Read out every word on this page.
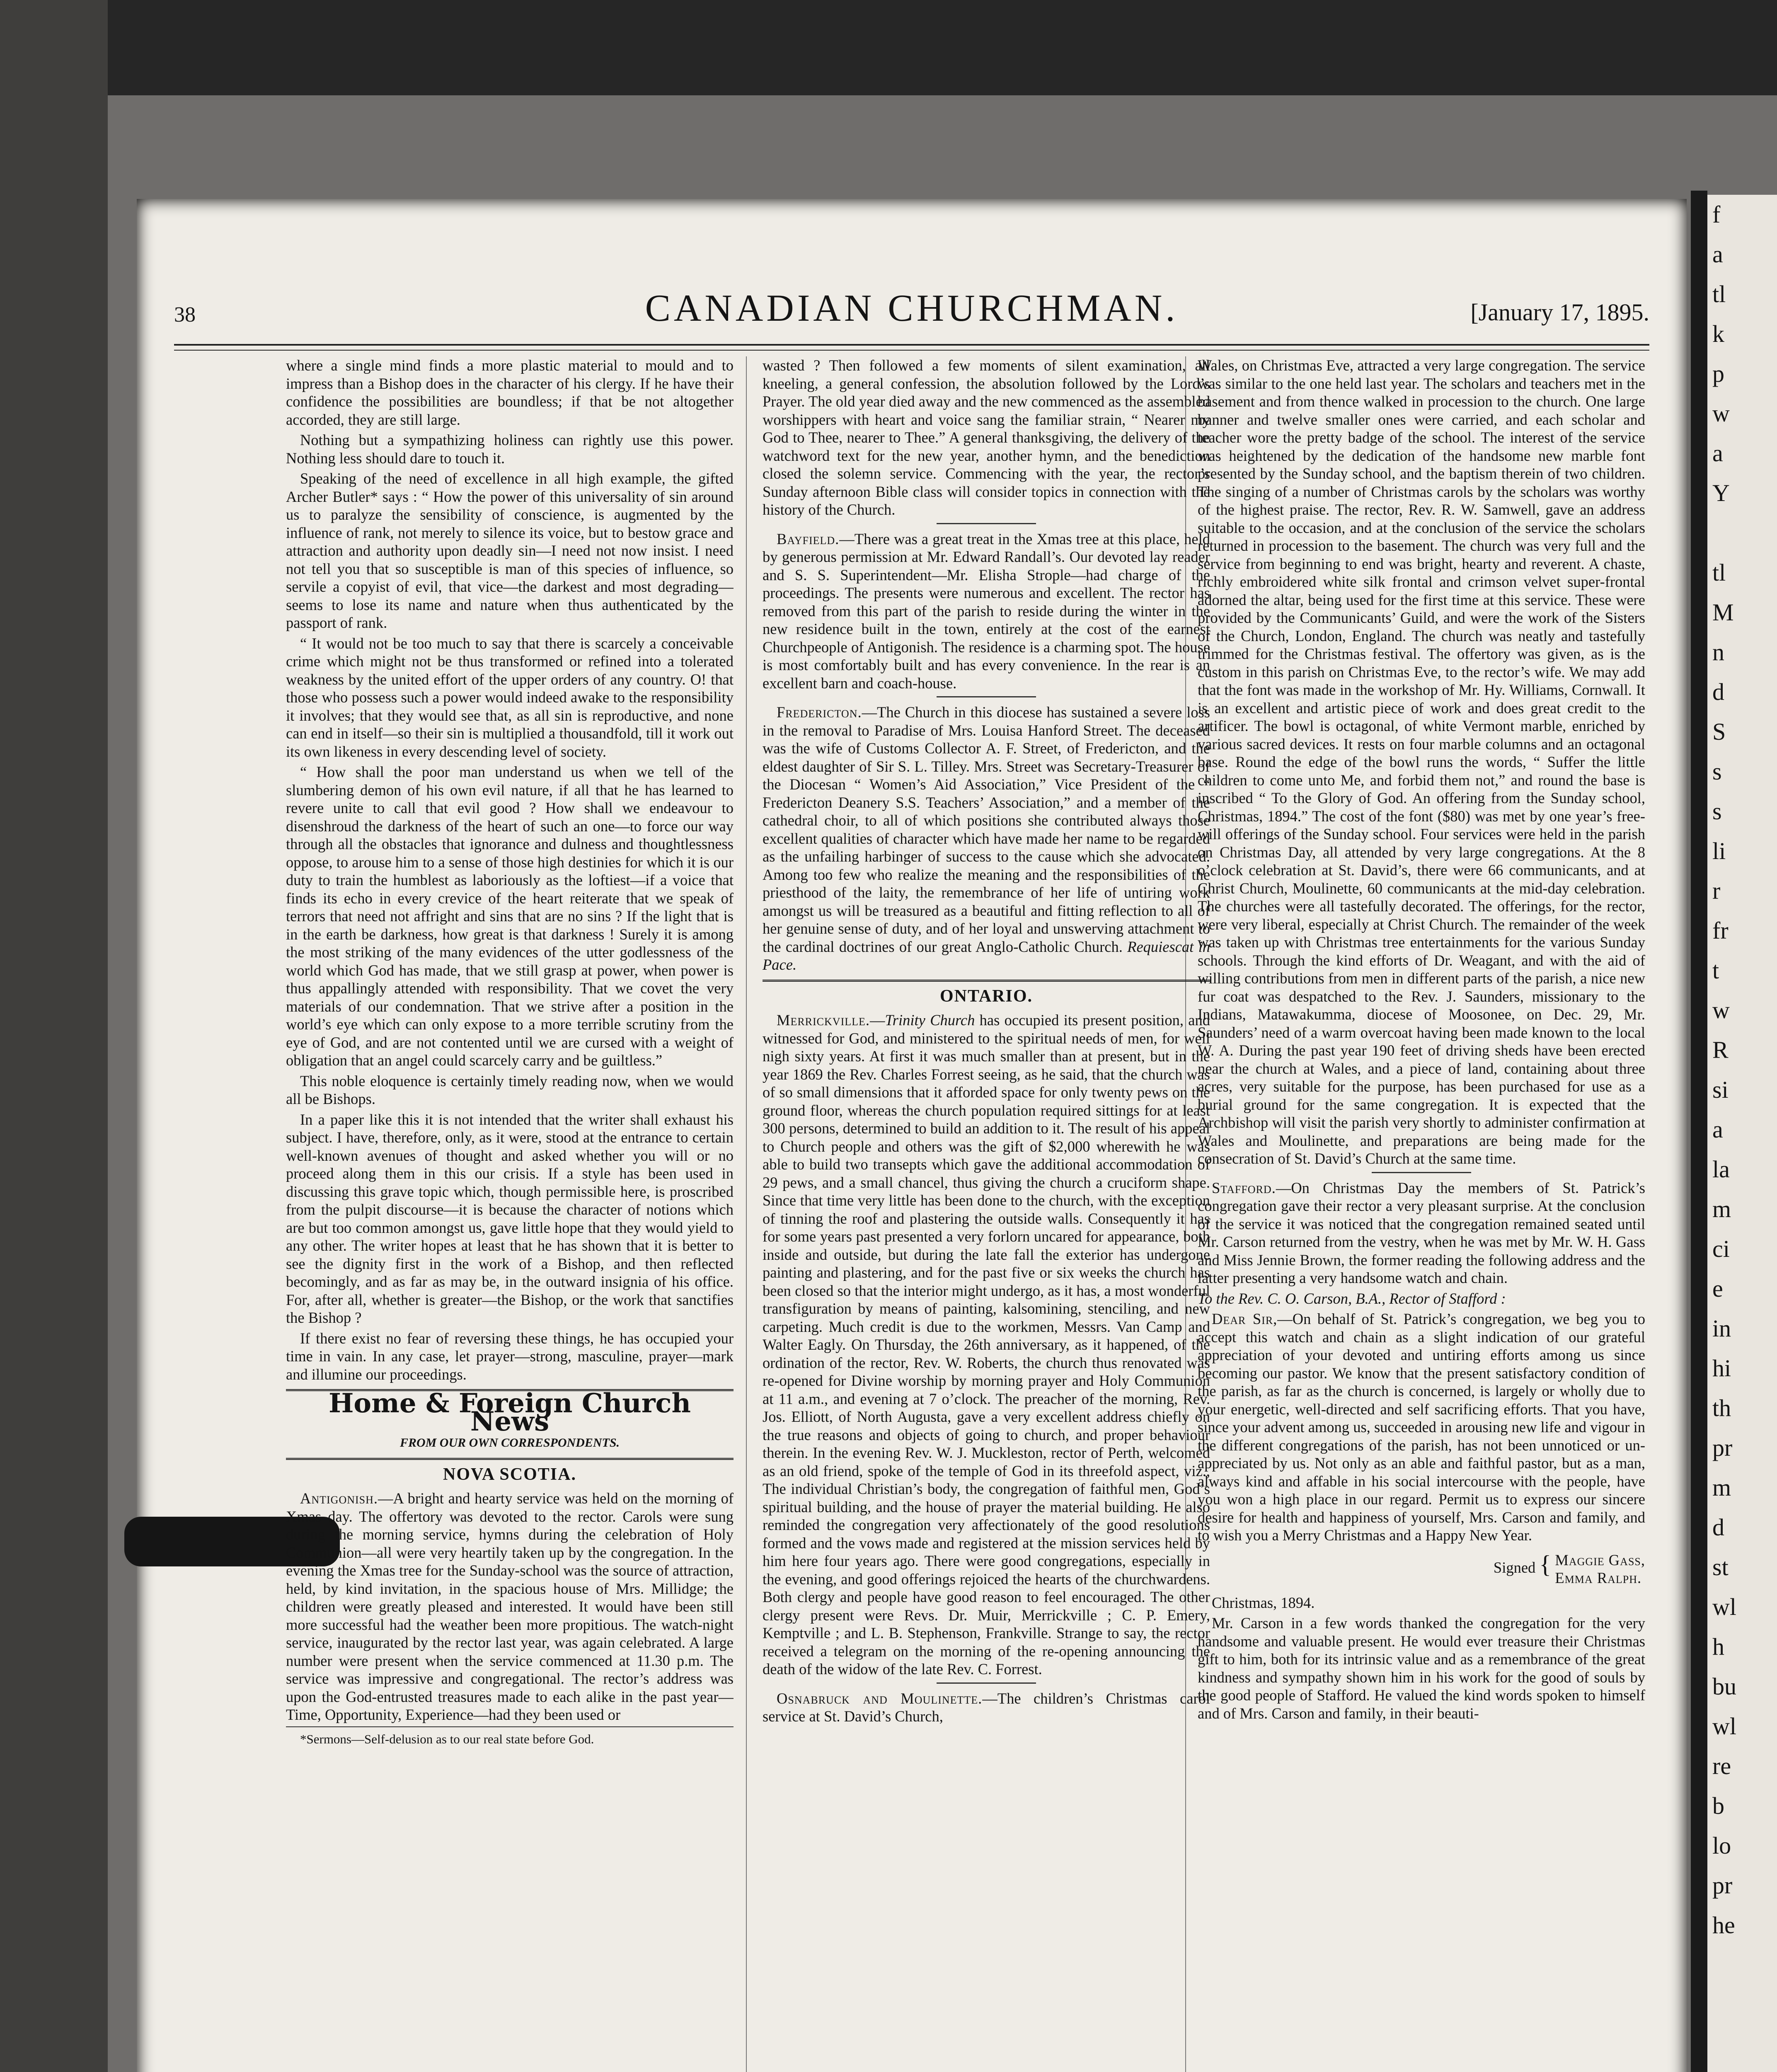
f
a
tl
k
p
w
a
Y

tl
M
n
d
S
s
s
li
r
fr
t
w
R
si
a
la
m
ci
e
in
hi
th
pr
m
d
st
wl
h
bu
wl
re
b
lo
pr
he
38	CANADIAN CHURCHMAN.	[January 17, 1895.

where a single mind finds a more plastic material to mould and to impress than a Bishop does in the character of his clergy. If he have their confidence the possibilities are boundless; if that be not altogether accorded, they are still large.

Nothing but a sympathizing holiness can rightly use this power. Nothing less should dare to touch it.

Speaking of the need of excellence in all high example, the gifted Archer Butler* says : “ How the power of this universality of sin around us to paralyze the sensibility of conscience, is augmented by the influence of rank, not merely to silence its voice, but to bestow grace and attraction and authority upon deadly sin—I need not now insist. I need not tell you that so susceptible is man of this species of influence, so servile a copyist of evil, that vice—the darkest and most degrading—seems to lose its name and nature when thus authenticated by the passport of rank.

“ It would not be too much to say that there is scarcely a conceivable crime which might not be thus transformed or refined into a tolerated weakness by the united effort of the upper orders of any country. O! that those who possess such a power would indeed awake to the responsibility it involves; that they would see that, as all sin is reproductive, and none can end in itself—so their sin is multiplied a thousandfold, till it work out its own likeness in every descending level of society.

“ How shall the poor man understand us when we tell of the slumbering demon of his own evil nature, if all that he has learned to revere unite to call that evil good ? How shall we endeavour to disenshroud the darkness of the heart of such an one—to force our way through all the obstacles that ignorance and dulness and thoughtlessness oppose, to arouse him to a sense of those high destinies for which it is our duty to train the humblest as laboriously as the loftiest—if a voice that finds its echo in every crevice of the heart reiterate that we speak of terrors that need not affright and sins that are no sins ? If the light that is in the earth be darkness, how great is that darkness ! Surely it is among the most striking of the many evidences of the utter godlessness of the world which God has made, that we still grasp at power, when power is thus appallingly attended with responsibility. That we covet the very materials of our condemnation. That we strive after a position in the world’s eye which can only expose to a more terrible scrutiny from the eye of God, and are not contented until we are cursed with a weight of obligation that an angel could scarcely carry and be guiltless.”

This noble eloquence is certainly timely reading now, when we would all be Bishops.

In a paper like this it is not intended that the writer shall exhaust his subject. I have, therefore, only, as it were, stood at the entrance to certain well-known avenues of thought and asked whether you will or no proceed along them in this our crisis. If a style has been used in discussing this grave topic which, though permissible here, is proscribed from the pulpit discourse—it is because the character of notions which are but too common amongst us, gave little hope that they would yield to any other. The writer hopes at least that he has shown that it is better to see the dignity first in the work of a Bishop, and then reflected becomingly, and as far as may be, in the outward insignia of his office. For, after all, whether is greater—the Bishop, or the work that sanctifies the Bishop ?

If there exist no fear of reversing these things, he has occupied your time in vain. In any case, let prayer—strong, masculine, prayer—mark and illumine our proceedings.

Home & Foreign Church News
FROM OUR OWN CORRESPONDENTS.
NOVA SCOTIA.

Antigonish.—A bright and hearty service was held on the morning of Xmas day. The offertory was devoted to the rector. Carols were sung during the morning service, hymns during the celebration of Holy Communion—all were very heartily taken up by the congregation. In the evening the Xmas tree for the Sunday-school was the source of attraction, held, by kind invitation, in the spacious house of Mrs. Millidge; the children were greatly pleased and interested. It would have been still more successful had the weather been more propitious. The watch-night service, inaugurated by the rector last year, was again celebrated. A large number were present when the service commenced at 11.30 p.m. The service was impressive and congregational. The rector’s address was upon the God-entrusted treasures made to each alike in the past year—Time, Opportunity, Experience—had they been used or

*Sermons—Self-delusion as to our real state before God.

wasted ? Then followed a few moments of silent examination, all kneeling, a general confession, the absolution followed by the Lord’s Prayer. The old year died away and the new commenced as the assembled worshippers with heart and voice sang the familiar strain, “ Nearer my God to Thee, nearer to Thee.” A general thanksgiving, the delivery of the watchword text for the new year, another hymn, and the benediction closed the solemn service. Commencing with the year, the rector’s Sunday afternoon Bible class will consider topics in connection with the history of the Church.

Bayfield.—There was a great treat in the Xmas tree at this place, held by generous permission at Mr. Edward Randall’s. Our devoted lay reader and S. S. Superintendent—Mr. Elisha Strople—had charge of the proceedings. The presents were numerous and excellent. The rector has removed from this part of the parish to reside during the winter in the new residence built in the town, entirely at the cost of the earnest Churchpeople of Antigonish. The residence is a charming spot. The house is most comfortably built and has every convenience. In the rear is an excellent barn and coach-house.

Fredericton.—The Church in this diocese has sustained a severe loss in the removal to Paradise of Mrs. Louisa Hanford Street. The deceased was the wife of Customs Collector A. F. Street, of Fredericton, and the eldest daughter of Sir S. L. Tilley. Mrs. Street was Secretary-Treasurer of the Diocesan “ Women’s Aid Association,” Vice President of the “ Fredericton Deanery S.S. Teachers’ Association,” and a member of the cathedral choir, to all of which positions she contributed always those excellent qualities of character which have made her name to be regarded as the unfailing harbinger of success to the cause which she advocated. Among too few who realize the meaning and the responsibilities of the priesthood of the laity, the remembrance of her life of untiring work amongst us will be treasured as a beautiful and fitting reflection to all of her genuine sense of duty, and of her loyal and unswerving attachment to the cardinal doctrines of our great Anglo-Catholic Church. Requiescat in Pace.

ONTARIO.

Merrickville.—Trinity Church has occupied its present position, and witnessed for God, and ministered to the spiritual needs of men, for well nigh sixty years. At first it was much smaller than at present, but in the year 1869 the Rev. Charles Forrest seeing, as he said, that the church was of so small dimensions that it afforded space for only twenty pews on the ground floor, whereas the church population required sittings for at least 300 persons, determined to build an addition to it. The result of his appeal to Church people and others was the gift of $2,000 wherewith he was able to build two transepts which gave the additional accommodation of 29 pews, and a small chancel, thus giving the church a cruciform shape. Since that time very little has been done to the church, with the exception of tinning the roof and plastering the outside walls. Consequently it has for some years past presented a very forlorn uncared for appearance, both inside and outside, but during the late fall the exterior has undergone painting and plastering, and for the past five or six weeks the church has been closed so that the interior might undergo, as it has, a most wonderful transfiguration by means of painting, kalsomining, stenciling, and new carpeting. Much credit is due to the workmen, Messrs. Van Camp and Walter Eagly. On Thursday, the 26th anniversary, as it happened, of the ordination of the rector, Rev. W. Roberts, the church thus renovated was re-opened for Divine worship by morning prayer and Holy Communion at 11 a.m., and evening at 7 o’clock. The preacher of the morning, Rev. Jos. Elliott, of North Augusta, gave a very excellent address chiefly on the true reasons and objects of going to church, and proper behaviour therein. In the evening Rev. W. J. Muckleston, rector of Perth, welcomed as an old friend, spoke of the temple of God in its threefold aspect, viz., The individual Christian’s body, the congregation of faithful men, God’s spiritual building, and the house of prayer the material building. He also reminded the congregation very affectionately of the good resolutions formed and the vows made and registered at the mission services held by him here four years ago. There were good congregations, especially in the evening, and good offerings rejoiced the hearts of the churchwardens. Both clergy and people have good reason to feel encouraged. The other clergy present were Revs. Dr. Muir, Merrickville ; C. P. Emery, Kemptville ; and L. B. Stephenson, Frankville. Strange to say, the rector received a telegram on the morning of the re-opening announcing the death of the widow of the late Rev. C. Forrest.

Osnabruck and Moulinette.—The children’s Christmas carol service at St. David’s Church,

Wales, on Christmas Eve, attracted a very large congregation. The service was similar to the one held last year. The scholars and teachers met in the basement and from thence walked in procession to the church. One large banner and twelve smaller ones were carried, and each scholar and teacher wore the pretty badge of the school. The interest of the service was heightened by the dedication of the handsome new marble font presented by the Sunday school, and the baptism therein of two children. The singing of a number of Christmas carols by the scholars was worthy of the highest praise. The rector, Rev. R. W. Samwell, gave an address suitable to the occasion, and at the conclusion of the service the scholars returned in procession to the basement. The church was very full and the service from beginning to end was bright, hearty and reverent. A chaste, richly embroidered white silk frontal and crimson velvet super-frontal adorned the altar, being used for the first time at this service. These were provided by the Communicants’ Guild, and were the work of the Sisters of the Church, London, England. The church was neatly and tastefully trimmed for the Christmas festival. The offertory was given, as is the custom in this parish on Christmas Eve, to the rector’s wife. We may add that the font was made in the workshop of Mr. Hy. Williams, Cornwall. It is an excellent and artistic piece of work and does great credit to the artificer. The bowl is octagonal, of white Vermont marble, enriched by various sacred devices. It rests on four marble columns and an octagonal base. Round the edge of the bowl runs the words, “ Suffer the little children to come unto Me, and forbid them not,” and round the base is inscribed “ To the Glory of God. An offering from the Sunday school, Christmas, 1894.” The cost of the font ($80) was met by one year’s free-will offerings of the Sunday school. Four services were held in the parish on Christmas Day, all attended by very large congregations. At the 8 o’clock celebration at St. David’s, there were 66 communicants, and at Christ Church, Moulinette, 60 communicants at the mid-day celebration. The churches were all tastefully decorated. The offerings, for the rector, were very liberal, especially at Christ Church. The remainder of the week was taken up with Christmas tree entertainments for the various Sunday schools. Through the kind efforts of Dr. Weagant, and with the aid of willing contributions from men in different parts of the parish, a nice new fur coat was despatched to the Rev. J. Saunders, missionary to the Indians, Matawakumma, diocese of Moosonee, on Dec. 29, Mr. Saunders’ need of a warm overcoat having been made known to the local W. A. During the past year 190 feet of driving sheds have been erected near the church at Wales, and a piece of land, containing about three acres, very suitable for the purpose, has been purchased for use as a burial ground for the same congregation. It is expected that the Archbishop will visit the parish very shortly to administer confirmation at Wales and Moulinette, and preparations are being made for the consecration of St. David’s Church at the same time.

Stafford.—On Christmas Day the members of St. Patrick’s congregation gave their rector a very pleasant surprise. At the conclusion of the service it was noticed that the congregation remained seated until Mr. Carson returned from the vestry, when he was met by Mr. W. H. Gass and Miss Jennie Brown, the former reading the following address and the latter presenting a very handsome watch and chain.

To the Rev. C. O. Carson, B.A., Rector of Stafford :

Dear Sir,—On behalf of St. Patrick’s congregation, we beg you to accept this watch and chain as a slight indication of our grateful appreciation of your devoted and untiring efforts among us since becoming our pastor. We know that the present satisfactory condition of the parish, as far as the church is concerned, is largely or wholly due to your energetic, well-directed and self sacrificing efforts. That you have, since your advent among us, succeeded in arousing new life and vigour in the different congregations of the parish, has not been unnoticed or un-appreciated by us. Not only as an able and faithful pastor, but as a man, always kind and affable in his social intercourse with the people, have you won a high place in our regard. Permit us to express our sincere desire for health and happiness of yourself, Mrs. Carson and family, and to wish you a Merry Christmas and a Happy New Year.

Signed { Maggie Gass,
Emma Ralph.

Christmas, 1894.

Mr. Carson in a few words thanked the congregation for the very handsome and valuable present. He would ever treasure their Christmas gift to him, both for its intrinsic value and as a remembrance of the great kindness and sympathy shown him in his work for the good of souls by the good people of Stafford. He valued the kind words spoken to himself and of Mrs. Carson and family, in their beauti-
